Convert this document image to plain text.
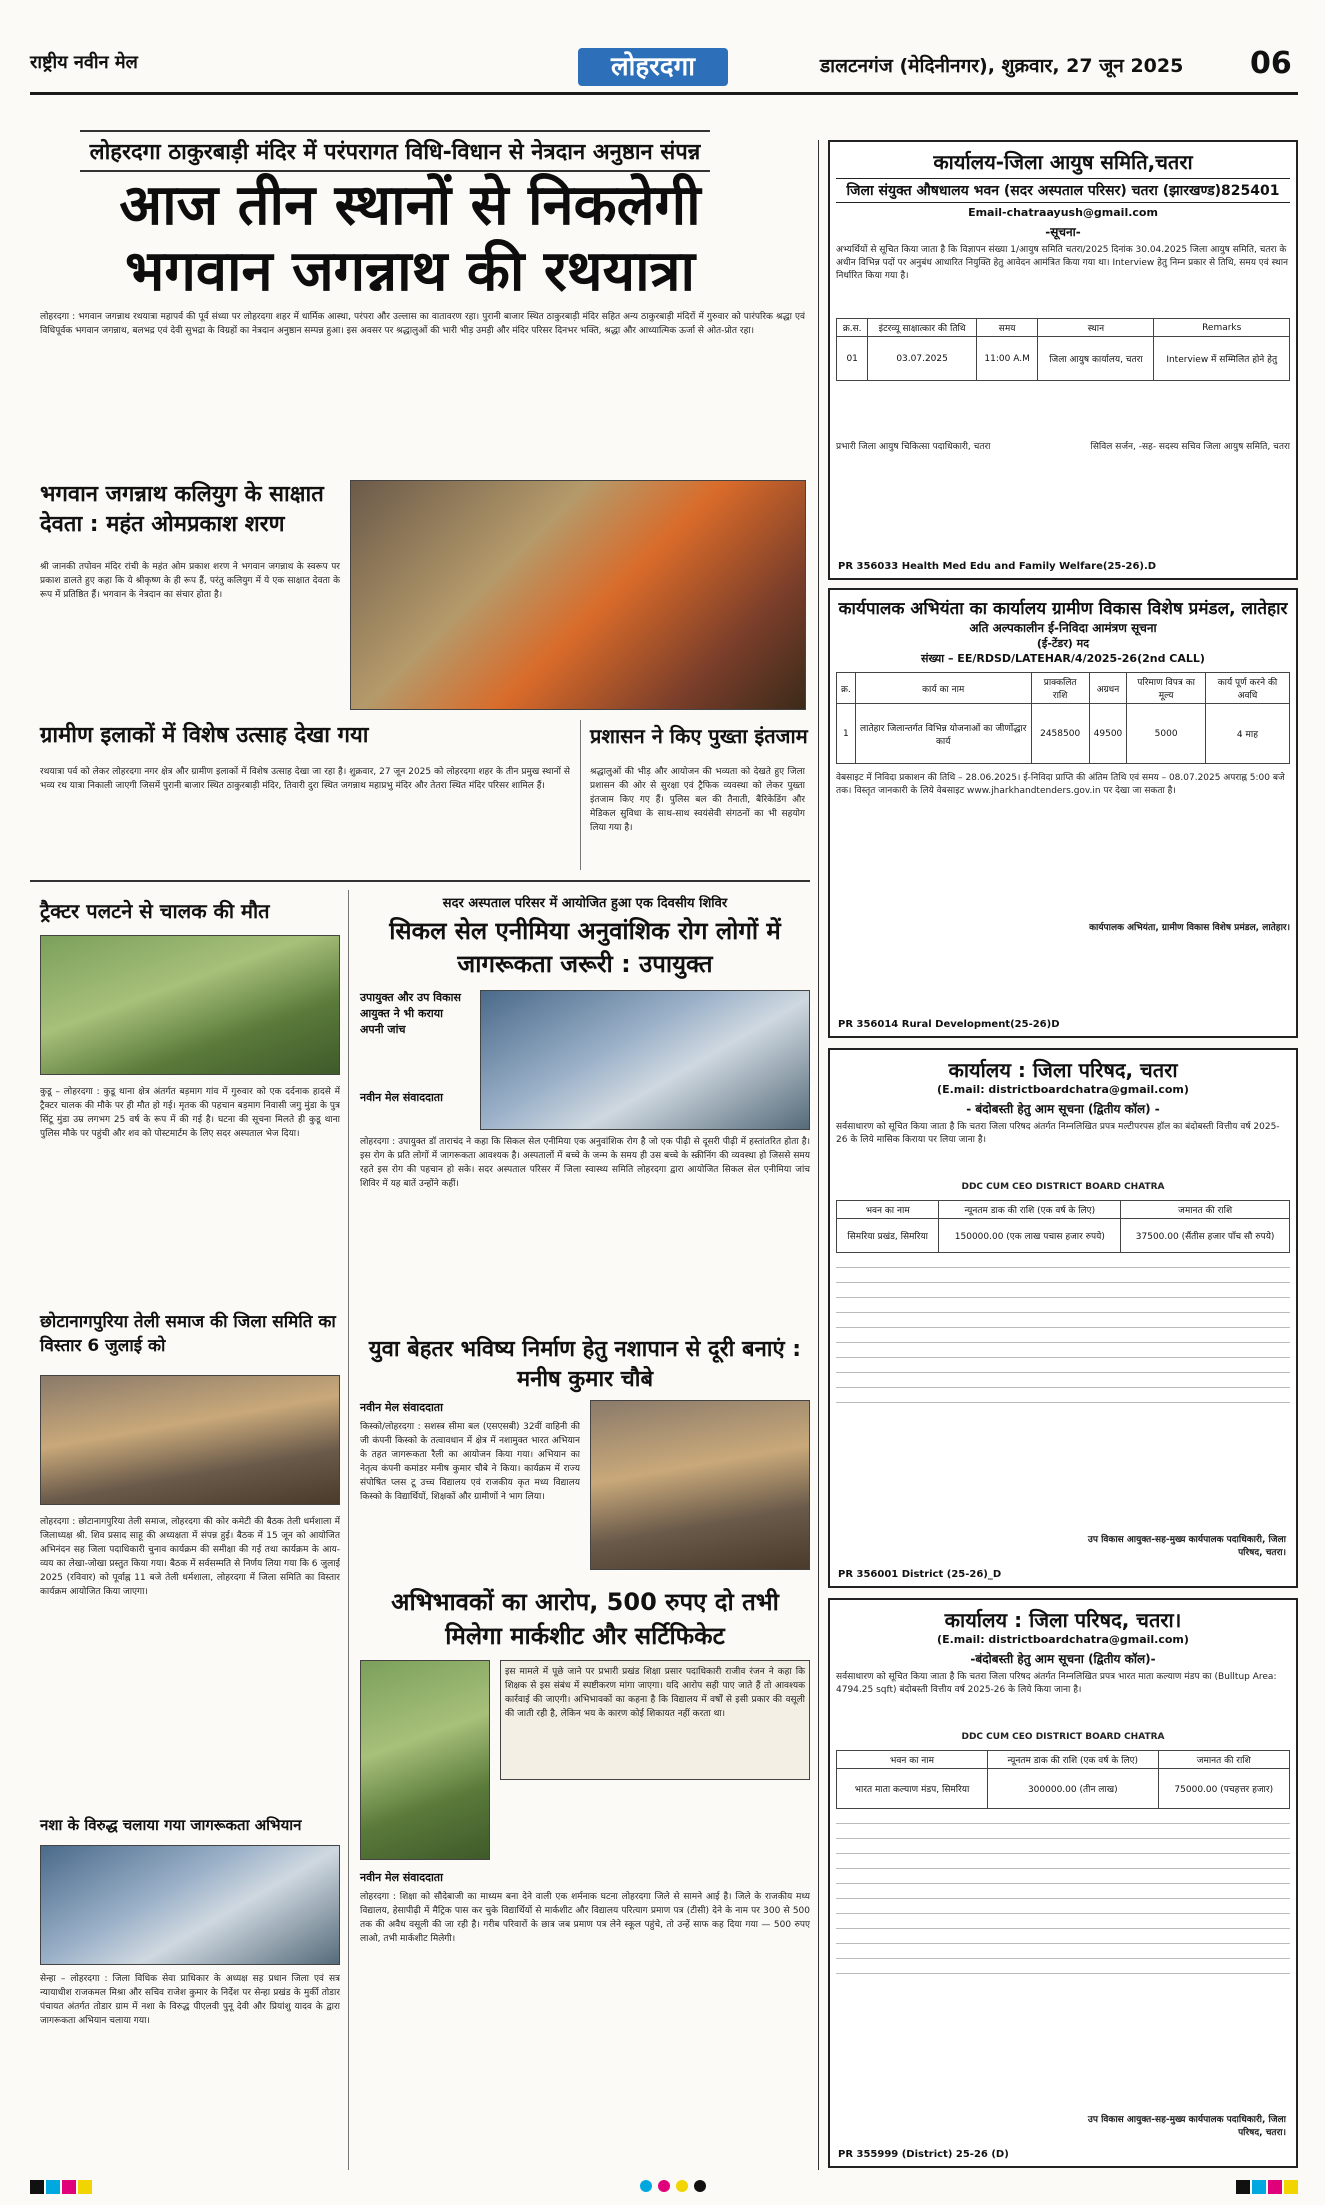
राष्ट्रीय नवीन मेल	लोहरदगा	डालटनगंज (मेदिनीनगर), शुक्रवार, 27 जून 2025 06
लोहरदगा ठाकुरबाड़ी मंदिर में परंपरागत विधि-विधान से नेत्रदान अनुष्ठान संपन्न
आज तीन स्थानों से निकलेगी भगवान जगन्नाथ की रथयात्रा
लोहरदगा : भगवान जगन्नाथ रथयात्रा महापर्व की पूर्व संध्या पर लोहरदगा शहर में धार्मिक आस्था, परंपरा और उल्लास का वातावरण रहा। पुरानी बाजार स्थित ठाकुरबाड़ी मंदिर सहित अन्य ठाकुरबाड़ी मंदिरों में गुरुवार को पारंपरिक श्रद्धा एवं विधिपूर्वक भगवान जगन्नाथ, बलभद्र एवं देवी सुभद्रा के विग्रहों का नेत्रदान अनुष्ठान सम्पन्न हुआ। इस अवसर पर श्रद्धालुओं की भारी भीड़ उमड़ी और मंदिर परिसर दिनभर भक्ति, श्रद्धा और आध्यात्मिक ऊर्जा से ओत-प्रोत रहा।
भगवान जगन्नाथ कलियुग के साक्षात देवता : महंत ओमप्रकाश शरण
श्री जानकी तपोवन मंदिर रांची के महंत ओम प्रकाश शरण ने भगवान जगन्नाथ के स्वरूप पर प्रकाश डालते हुए कहा कि ये श्रीकृष्ण के ही रूप हैं, परंतु कलियुग में ये एक साक्षात देवता के रूप में प्रतिष्ठित हैं। भगवान के नेत्रदान का संचार होता है।
ग्रामीण इलाकों में विशेष उत्साह देखा गया
रथयात्रा पर्व को लेकर लोहरदगा नगर क्षेत्र और ग्रामीण इलाकों में विशेष उत्साह देखा जा रहा है। शुक्रवार, 27 जून 2025 को लोहरदगा शहर के तीन प्रमुख स्थानों से भव्य रथ यात्रा निकाली जाएगी जिसमें पुरानी बाजार स्थित ठाकुरबाड़ी मंदिर, तिवारी दुरा स्थित जगन्नाथ महाप्रभु मंदिर और तेतरा स्थित मंदिर परिसर शामिल हैं।
प्रशासन ने किए पुख्ता इंतजाम
श्रद्धालुओं की भीड़ और आयोजन की भव्यता को देखते हुए जिला प्रशासन की ओर से सुरक्षा एवं ट्रैफिक व्यवस्था को लेकर पुख्ता इंतजाम किए गए हैं। पुलिस बल की तैनाती, बैरिकेडिंग और मेडिकल सुविधा के साथ-साथ स्वयंसेवी संगठनों का भी सहयोग लिया गया है।
ट्रैक्टर पलटने से चालक की मौत
कुडू – लोहरदगा : कुडू थाना क्षेत्र अंतर्गत बड़माग गांव में गुरुवार को एक दर्दनाक हादसे में ट्रैक्टर चालक की मौके पर ही मौत हो गई। मृतक की पहचान बड़माग निवासी जगु मुंडा के पुत्र सिंटू मुंडा उम्र लगभग 25 वर्ष के रूप में की गई है। घटना की सूचना मिलते ही कुडू थाना पुलिस मौके पर पहुंची और शव को पोस्टमार्टम के लिए सदर अस्पताल भेज दिया।
छोटानागपुरिया तेली समाज की जिला समिति का विस्तार 6 जुलाई को
लोहरदगा : छोटानागपुरिया तेली समाज, लोहरदगा की कोर कमेटी की बैठक तेली धर्मशाला में जिलाध्यक्ष श्री. शिव प्रसाद साहू की अध्यक्षता में संपन्न हुई। बैठक में 15 जून को आयोजित अभिनंदन सह जिला पदाधिकारी चुनाव कार्यक्रम की समीक्षा की गई तथा कार्यक्रम के आय-व्यय का लेखा-जोखा प्रस्तुत किया गया। बैठक में सर्वसम्मति से निर्णय लिया गया कि 6 जुलाई 2025 (रविवार) को पूर्वाह्न 11 बजे तेली धर्मशाला, लोहरदगा में जिला समिति का विस्तार कार्यक्रम आयोजित किया जाएगा।
नशा के विरुद्ध चलाया गया जागरूकता अभियान
सेन्हा – लोहरदगा : जिला विधिक सेवा प्राधिकार के अध्यक्ष सह प्रधान जिला एवं सत्र न्यायाधीश राजकमल मिश्रा और सचिव राजेश कुमार के निर्देश पर सेन्हा प्रखंड के मुर्की तोडार पंचायत अंतर्गत तोडार ग्राम में नशा के विरुद्ध पीएलवी पुनू देवी और प्रियांशु यादव के द्वारा जागरूकता अभियान चलाया गया।
सदर अस्पताल परिसर में आयोजित हुआ एक दिवसीय शिविर
सिकल सेल एनीमिया अनुवांशिक रोग लोगों में जागरूकता जरूरी : उपायुक्त
उपायुक्त और उप विकास आयुक्त ने भी कराया अपनी जांच
नवीन मेल संवाददाता
लोहरदगा : उपायुक्त डॉ ताराचंद ने कहा कि सिकल सेल एनीमिया एक अनुवांशिक रोग है जो एक पीढ़ी से दूसरी पीढ़ी में हस्तांतरित होता है। इस रोग के प्रति लोगों में जागरूकता आवश्यक है। अस्पतालों में बच्चे के जन्म के समय ही उस बच्चे के स्क्रीनिंग की व्यवस्था हो जिससे समय रहते इस रोग की पहचान हो सके। सदर अस्पताल परिसर में जिला स्वास्थ्य समिति लोहरदगा द्वारा आयोजित सिकल सेल एनीमिया जांच शिविर में यह बातें उन्होंने कहीं।
युवा बेहतर भविष्य निर्माण हेतु नशापान से दूरी बनाएं : मनीष कुमार चौबे
नवीन मेल संवाददाता
किस्को/लोहरदगा : सशस्त्र सीमा बल (एसएसबी) 32वीं वाहिनी की जी कंपनी किस्को के तत्वावधान में क्षेत्र में नशामुक्त भारत अभियान के तहत जागरूकता रैली का आयोजन किया गया। अभियान का नेतृत्व कंपनी कमांडर मनीष कुमार चौबे ने किया। कार्यक्रम में राज्य संपोषित प्लस टू उच्च विद्यालय एवं राजकीय कृत मध्य विद्यालय किस्को के विद्यार्थियों, शिक्षकों और ग्रामीणों ने भाग लिया।
अभिभावकों का आरोप, 500 रुपए दो तभी मिलेगा मार्कशीट और सर्टिफिकेट
इस मामले में पूछे जाने पर प्रभारी प्रखंड शिक्षा प्रसार पदाधिकारी राजीव रंजन ने कहा कि शिक्षक से इस संबंध में स्पष्टीकरण मांगा जाएगा। यदि आरोप सही पाए जाते हैं तो आवश्यक कार्रवाई की जाएगी। अभिभावकों का कहना है कि विद्यालय में वर्षों से इसी प्रकार की वसूली की जाती रही है, लेकिन भय के कारण कोई शिकायत नहीं करता था।
नवीन मेल संवाददाता
लोहरदगा : शिक्षा को सौदेबाजी का माध्यम बना देने वाली एक शर्मनाक घटना लोहरदगा जिले से सामने आई है। जिले के राजकीय मध्य विद्यालय, हेसापीढ़ी में मैट्रिक पास कर चुके विद्यार्थियों से मार्कशीट और विद्यालय परित्याग प्रमाण पत्र (टीसी) देने के नाम पर 300 से 500 तक की अवैध वसूली की जा रही है। गरीब परिवारों के छात्र जब प्रमाण पत्र लेने स्कूल पहुंचे, तो उन्हें साफ कह दिया गया — 500 रुपए लाओ, तभी मार्कशीट मिलेगी।
कार्यालय-जिला आयुष समिति,चतरा
जिला संयुक्त औषधालय भवन (सदर अस्पताल परिसर) चतरा (झारखण्ड)825401
Email-chatraayush@gmail.com
-सूचना-
अभ्यर्थियों से सूचित किया जाता है कि विज्ञापन संख्या 1/आयुष समिति चतरा/2025 दिनांक 30.04.2025 जिला आयुष समिति, चतरा के अधीन विभिन्न पदों पर अनुबंध आधारित नियुक्ति हेतु आवेदन आमंत्रित किया गया था। Interview हेतु निम्न प्रकार से तिथि, समय एवं स्थान निर्धारित किया गया है।
क्र.स.	इंटरव्यू साक्षात्कार की तिथि	समय	स्थान	Remarks
01	03.07.2025	11:00 A.M	जिला आयुष कार्यालय, चतरा	Interview में सम्मिलित होने हेतु
प्रभारी जिला आयुष चिकित्सा पदाधिकारी, चतरा	सिविल सर्जन, -सह- सदस्य सचिव जिला आयुष समिति, चतरा
PR 356033 Health Med Edu and Family Welfare(25-26).D
कार्यपालक अभियंता का कार्यालय ग्रामीण विकास विशेष प्रमंडल, लातेहार
अति अल्पकालीन ई-निविदा आमंत्रण सूचना
(ई-टेंडर) मद
संख्या – EE/RDSD/LATEHAR/4/2025-26(2nd CALL)
क्र.	कार्य का नाम	प्राक्कलित राशि	अग्रधन	परिमाण विपत्र का मूल्य	कार्य पूर्ण करने की अवधि
1	लातेहार जिलान्तर्गत विभिन्न योजनाओं का जीर्णोद्धार कार्य	2458500	49500	5000	4 माह
वेबसाइट में निविदा प्रकाशन की तिथि – 28.06.2025। ई-निविदा प्राप्ति की अंतिम तिथि एवं समय – 08.07.2025 अपराह्न 5:00 बजे तक। विस्तृत जानकारी के लिये वेबसाइट www.jharkhandtenders.gov.in पर देखा जा सकता है।
कार्यपालक अभियंता, ग्रामीण विकास विशेष प्रमंडल, लातेहार।
PR 356014 Rural Development(25-26)D
कार्यालय : जिला परिषद, चतरा
(E.mail: districtboardchatra@gmail.com)
- बंदोबस्ती हेतु आम सूचना (द्वितीय कॉल) -
सर्वसाधारण को सूचित किया जाता है कि चतरा जिला परिषद अंतर्गत निम्नलिखित प्रपत्र मल्टीपरपस हॉल का बंदोबस्ती वित्तीय वर्ष 2025-26 के लिये मासिक किराया पर लिया जाना है।
DDC CUM CEO DISTRICT BOARD CHATRA
भवन का नाम	न्यूनतम डाक की राशि (एक वर्ष के लिए)	जमानत की राशि
सिमरिया प्रखंड, सिमरिया	150000.00 (एक लाख पचास हजार रुपये)	37500.00 (सैंतीस हजार पाँच सौ रुपये)
उप विकास आयुक्त-सह-मुख्य कार्यपालक पदाधिकारी, जिला परिषद, चतरा।
PR 356001 District (25-26)_D
कार्यालय : जिला परिषद, चतरा।
(E.mail: districtboardchatra@gmail.com)
-बंदोबस्ती हेतु आम सूचना (द्वितीय कॉल)-
सर्वसाधारण को सूचित किया जाता है कि चतरा जिला परिषद अंतर्गत निम्नलिखित प्रपत्र भारत माता कल्याण मंडप का (Bulltup Area: 4794.25 sqft) बंदोबस्ती वित्तीय वर्ष 2025-26 के लिये किया जाना है।
DDC CUM CEO DISTRICT BOARD CHATRA
भवन का नाम	न्यूनतम डाक की राशि (एक वर्ष के लिए)	जमानत की राशि
भारत माता कल्याण मंडप, सिमरिया	300000.00 (तीन लाख)	75000.00 (पचहत्तर हजार)
उप विकास आयुक्त-सह-मुख्य कार्यपालक पदाधिकारी, जिला परिषद, चतरा।
PR 355999 (District) 25-26 (D)
